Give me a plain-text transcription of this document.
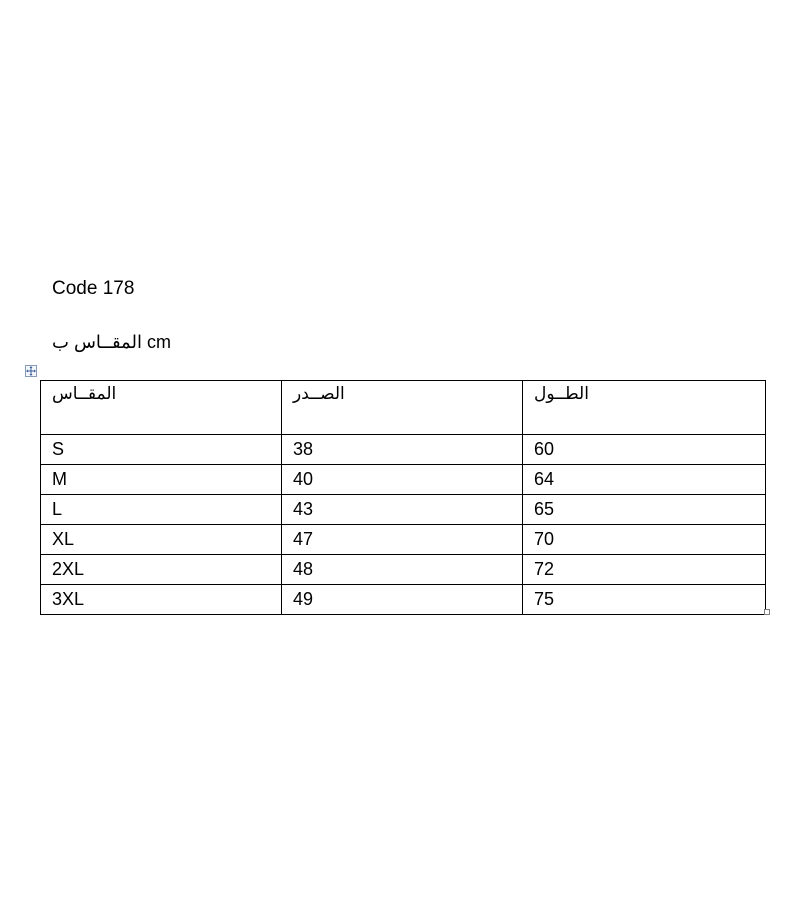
Code 178
المقــاس ب cm
المقــاس	الصــدر	الطــول
S	38	60
M	40	64
L	43	65
XL	47	70
2XL	48	72
3XL	49	75
